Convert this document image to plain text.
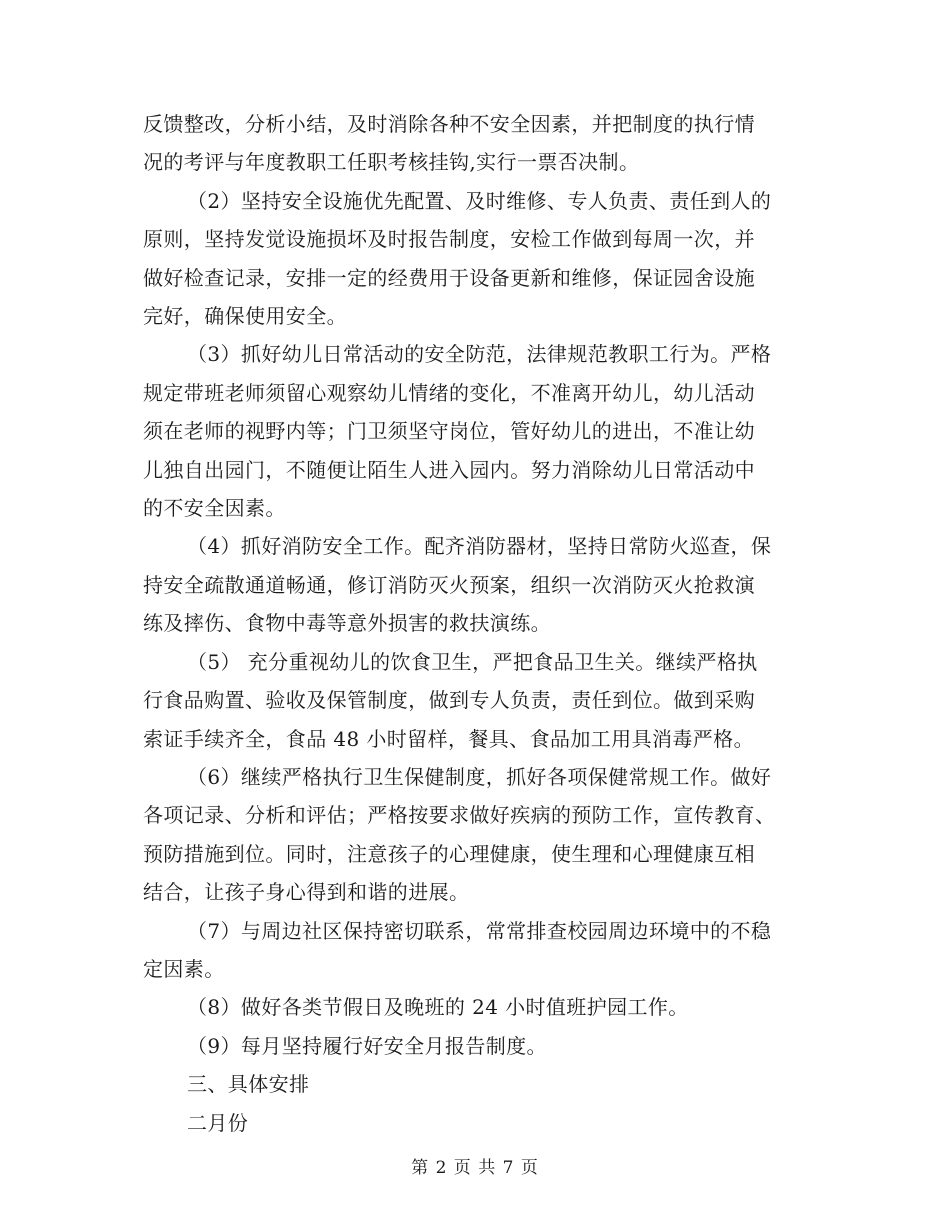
反馈整改，分析小结，及时消除各种不安全因素，并把制度的执行情
况的考评与年度教职工任职考核挂钩,实行一票否决制。

（2）坚持安全设施优先配置、及时维修、专人负责、责任到人的
原则，坚持发觉设施损坏及时报告制度，安检工作做到每周一次，并
做好检查记录，安排一定的经费用于设备更新和维修，保证园舍设施
完好，确保使用安全。

（3）抓好幼儿日常活动的安全防范，法律规范教职工行为。严格
规定带班老师须留心观察幼儿情绪的变化，不准离开幼儿，幼儿活动
须在老师的视野内等；门卫须坚守岗位，管好幼儿的进出，不准让幼
儿独自出园门，不随便让陌生人进入园内。努力消除幼儿日常活动中
的不安全因素。

（4）抓好消防安全工作。配齐消防器材，坚持日常防火巡查，保
持安全疏散通道畅通，修订消防灭火预案，组织一次消防灭火抢救演
练及摔伤、食物中毒等意外损害的救扶演练。

（5） 充分重视幼儿的饮食卫生，严把食品卫生关。继续严格执
行食品购置、验收及保管制度，做到专人负责，责任到位。做到采购
索证手续齐全，食品 48 小时留样，餐具、食品加工用具消毒严格。

（6）继续严格执行卫生保健制度，抓好各项保健常规工作。做好
各项记录、分析和评估；严格按要求做好疾病的预防工作，宣传教育、
预防措施到位。同时，注意孩子的心理健康，使生理和心理健康互相
结合，让孩子身心得到和谐的进展。

（7）与周边社区保持密切联系，常常排查校园周边环境中的不稳
定因素。

（8）做好各类节假日及晚班的 24 小时值班护园工作。

（9）每月坚持履行好安全月报告制度。

三、具体安排

二月份

第 2 页 共 7 页
